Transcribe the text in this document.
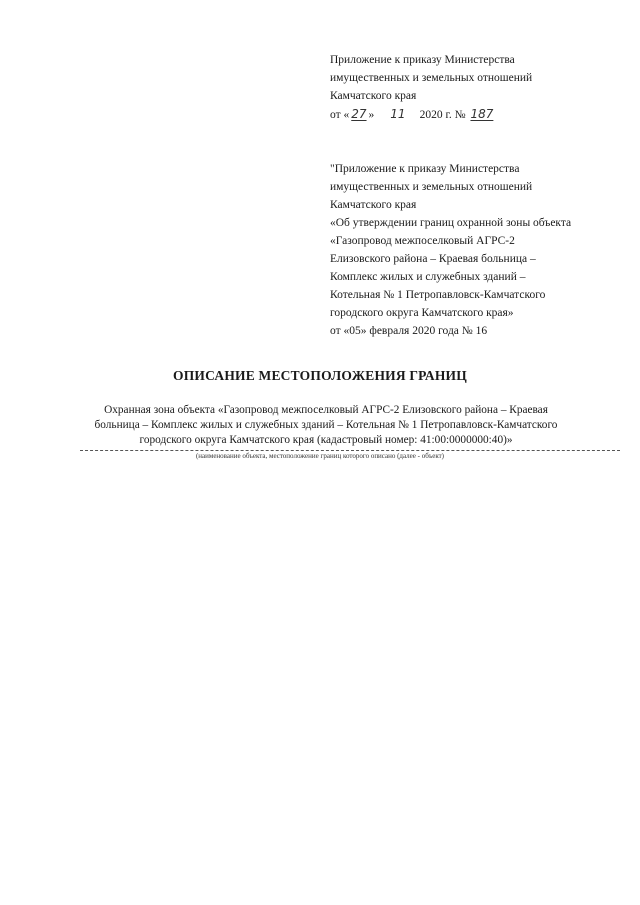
Приложение к приказу Министерства
имущественных и земельных отношений
Камчатского края
от « 27 » 11 2020 г. № 187
"Приложение к приказу Министерства
имущественных и земельных отношений
Камчатского края
«Об утверждении границ охранной зоны объекта
«Газопровод межпоселковый АГРС-2
Елизовского района – Краевая больница –
Комплекс жилых и служебных зданий –
Котельная № 1 Петропавловск-Камчатского
городского округа Камчатского края»
от «05» февраля 2020 года № 16
ОПИСАНИЕ МЕСТОПОЛОЖЕНИЯ ГРАНИЦ
Охранная зона объекта «Газопровод межпоселковый АГРС-2 Елизовского района – Краевая
больница – Комплекс жилых и служебных зданий – Котельная № 1 Петропавловск-Камчатского
городского округа Камчатского края (кадастровый номер: 41:00:0000000:40)»
(наименование объекта, местоположение границ которого описано (далее - объект)
